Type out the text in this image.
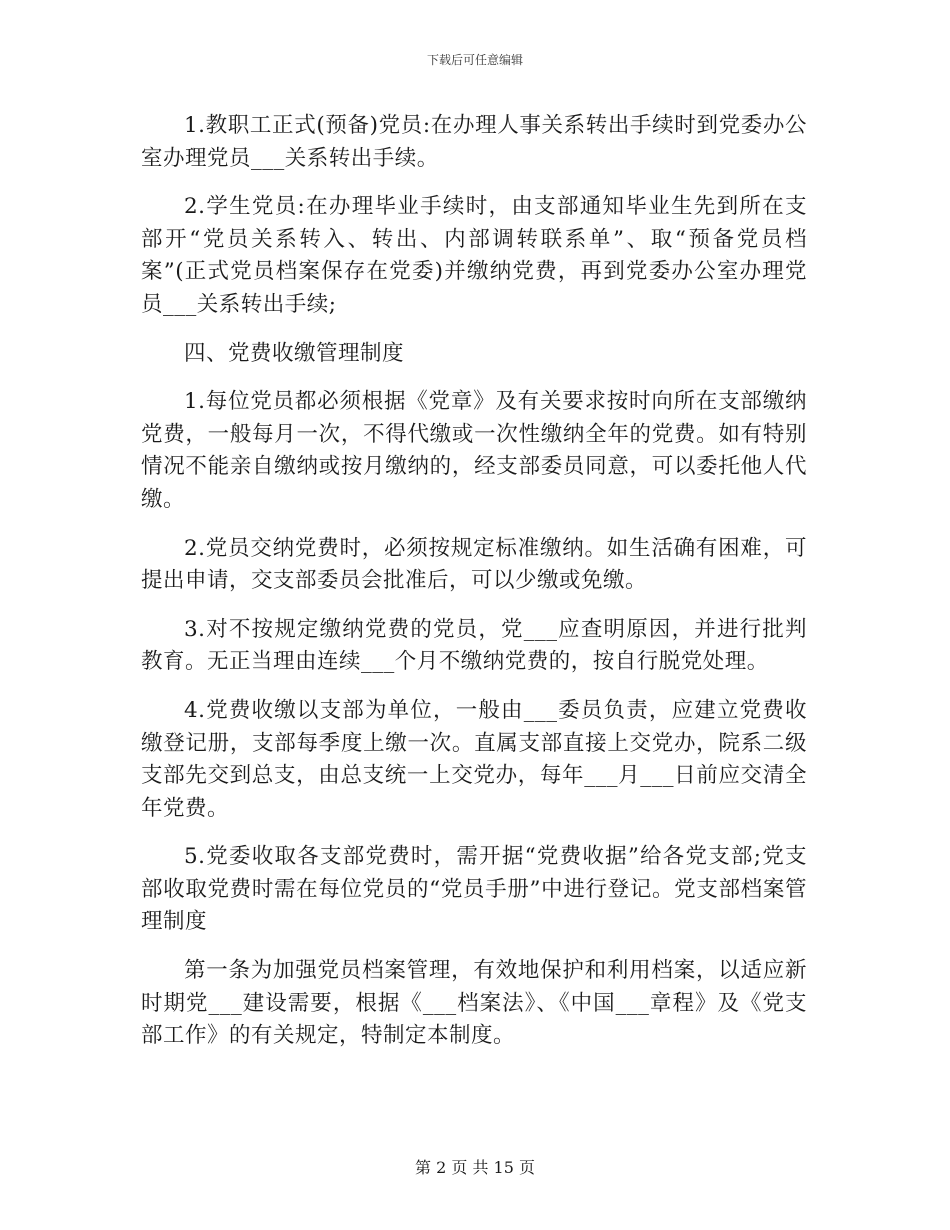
下载后可任意编辑

1.教职工正式(预备)党员:在办理人事关系转出手续时到党委办公室办理党员___关系转出手续。

2.学生党员:在办理毕业手续时，由支部通知毕业生先到所在支部开“党员关系转入、转出、内部调转联系单”、取“预备党员档案”(正式党员档案保存在党委)并缴纳党费，再到党委办公室办理党员___关系转出手续;

四、党费收缴管理制度

1.每位党员都必须根据《党章》及有关要求按时向所在支部缴纳党费，一般每月一次，不得代缴或一次性缴纳全年的党费。如有特别情况不能亲自缴纳或按月缴纳的，经支部委员同意，可以委托他人代缴。

2.党员交纳党费时，必须按规定标准缴纳。如生活确有困难，可提出申请，交支部委员会批准后，可以少缴或免缴。

3.对不按规定缴纳党费的党员，党___应查明原因，并进行批判教育。无正当理由连续___个月不缴纳党费的，按自行脱党处理。

4.党费收缴以支部为单位，一般由___委员负责，应建立党费收缴登记册，支部每季度上缴一次。直属支部直接上交党办，院系二级支部先交到总支，由总支统一上交党办，每年___月___日前应交清全年党费。

5.党委收取各支部党费时，需开据“党费收据”给各党支部;党支部收取党费时需在每位党员的“党员手册”中进行登记。党支部档案管理制度

第一条为加强党员档案管理，有效地保护和利用档案，以适应新时期党___建设需要，根据《___档案法》、《中国___章程》及《党支部工作》的有关规定，特制定本制度。

第 2 页 共 15 页
